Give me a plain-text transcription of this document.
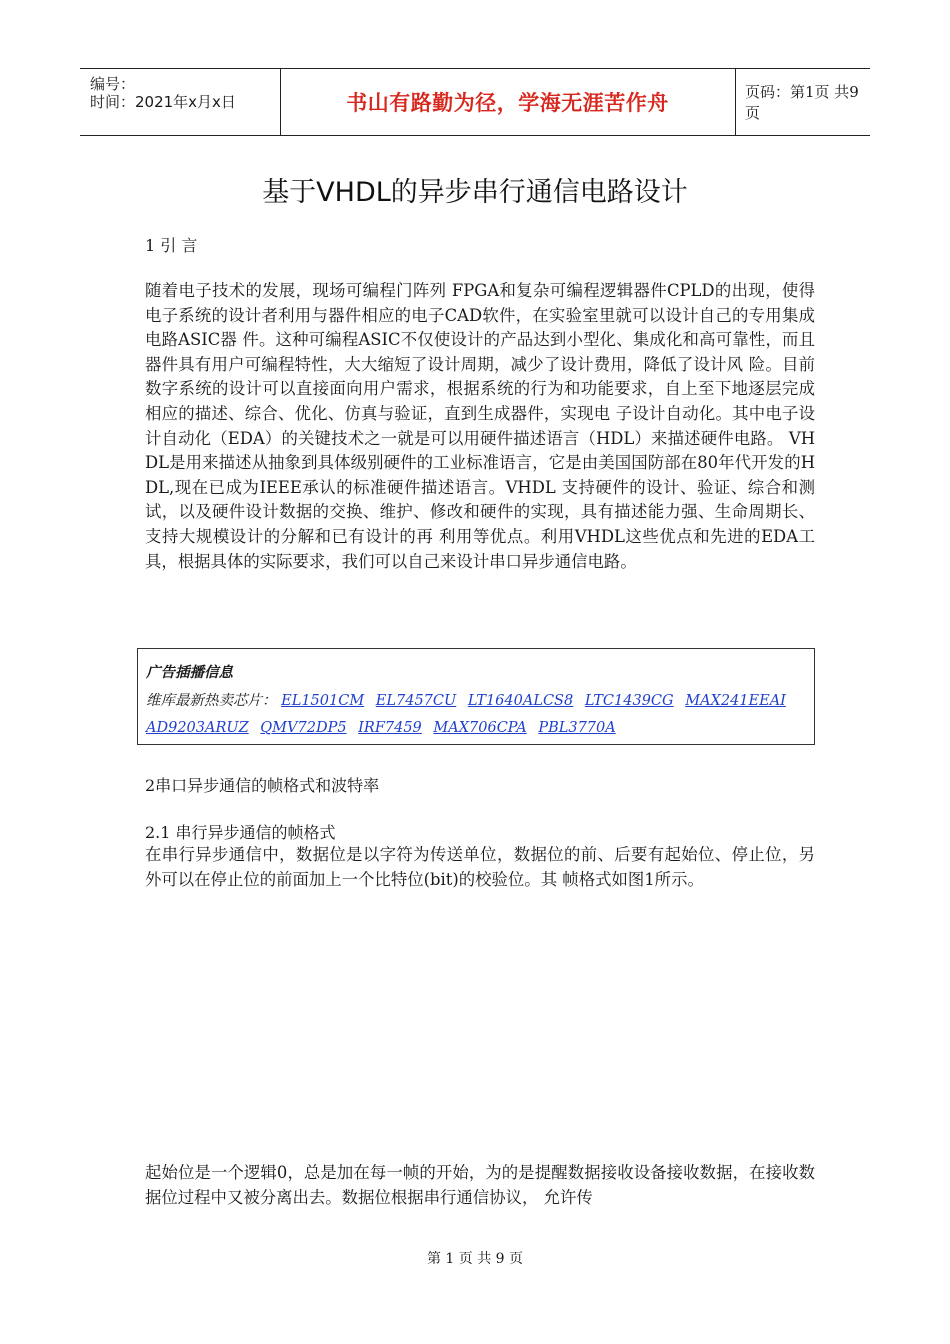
编号：
时间：2021年x月x日	书山有路勤为径，学海无涯苦作舟	页码：第1页 共9页
基于VHDL的异步串行通信电路设计
1 引 言

随着电子技术的发展，现场可编程门阵列 FPGA和复杂可编程逻辑器件CPLD的出现，使得电子系统的设计者利用与器件相应的电子CAD软件，在实验室里就可以设计自己的专用集成电路ASIC器 件。这种可编程ASIC不仅使设计的产品达到小型化、集成化和高可靠性，而且器件具有用户可编程特性，大大缩短了设计周期，减少了设计费用，降低了设计风 险。目前数字系统的设计可以直接面向用户需求，根据系统的行为和功能要求，自上至下地逐层完成相应的描述、综合、优化、仿真与验证，直到生成器件，实现电 子设计自动化。其中电子设计自动化（EDA）的关键技术之一就是可以用硬件描述语言（HDL）来描述硬件电路。 VHDL是用来描述从抽象到具体级别硬件的工业标准语言，它是由美国国防部在80年代开发的HDL,现在已成为IEEE承认的标准硬件描述语言。VHDL 支持硬件的设计、验证、综合和测试，以及硬件设计数据的交换、维护、修改和硬件的实现，具有描述能力强、生命周期长、支持大规模设计的分解和已有设计的再 利用等优点。利用VHDL这些优点和先进的EDA工具，根据具体的实际要求，我们可以自己来设计串口异步通信电路。

广告插播信息
维库最新热卖芯片： EL1501CM EL7457CU LT1640ALCS8 LTC1439CG MAX241EEAI
AD9203ARUZ QMV72DP5 IRF7459 MAX706CPA PBL3770A
2串口异步通信的帧格式和波特率
2.1 串行异步通信的帧格式

在串行异步通信中，数据位是以字符为传送单位，数据位的前、后要有起始位、停止位，另外可以在停止位的前面加上一个比特位(bit)的校验位。其 帧格式如图1所示。

起始位是一个逻辑0，总是加在每一帧的开始，为的是提醒数据接收设备接收数据，在接收数据位过程中又被分离出去。数据位根据串行通信协议， 允许传

第 1 页 共 9 页
